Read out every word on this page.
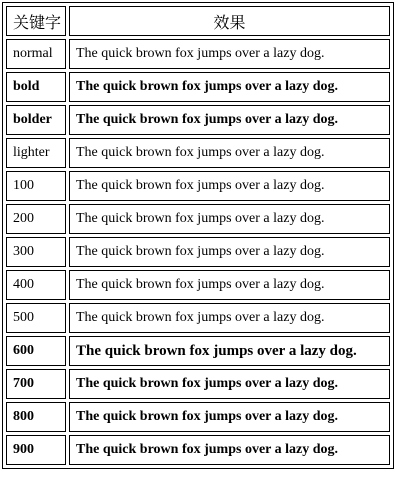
关键字	效果
normal	The quick brown fox jumps over a lazy dog.
bold	The quick brown fox jumps over a lazy dog.
bolder	The quick brown fox jumps over a lazy dog.
lighter	The quick brown fox jumps over a lazy dog.
100	The quick brown fox jumps over a lazy dog.
200	The quick brown fox jumps over a lazy dog.
300	The quick brown fox jumps over a lazy dog.
400	The quick brown fox jumps over a lazy dog.
500	The quick brown fox jumps over a lazy dog.
600	The quick brown fox jumps over a lazy dog.
700	The quick brown fox jumps over a lazy dog.
800	The quick brown fox jumps over a lazy dog.
900	The quick brown fox jumps over a lazy dog.
